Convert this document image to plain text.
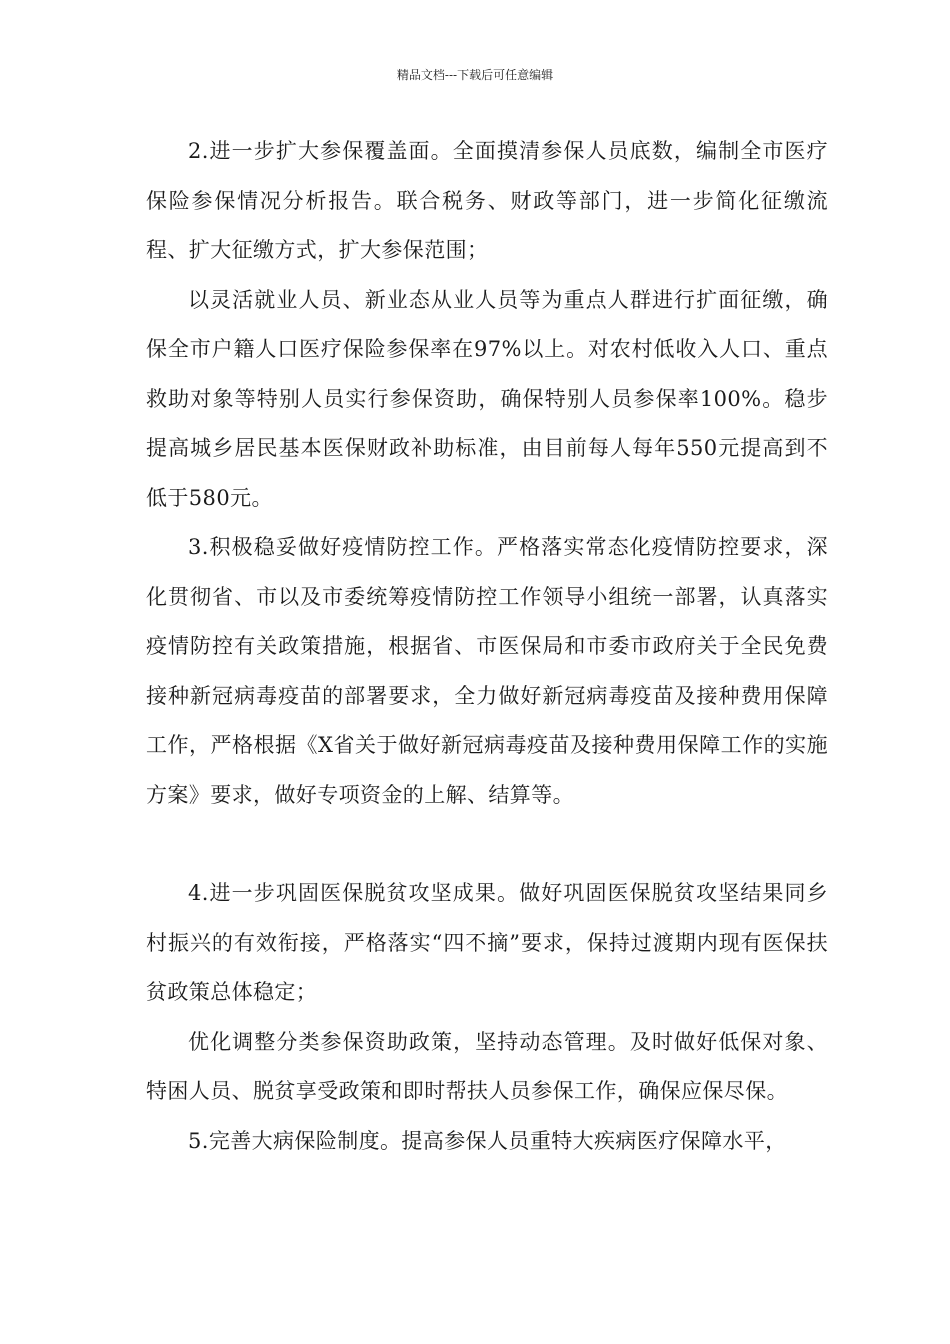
精品文档---下载后可任意编辑

2.进一步扩大参保覆盖面。全面摸清参保人员底数，编制全市医疗保险参保情况分析报告。联合税务、财政等部门，进一步简化征缴流程、扩大征缴方式，扩大参保范围；

以灵活就业人员、新业态从业人员等为重点人群进行扩面征缴，确保全市户籍人口医疗保险参保率在97%以上。对农村低收入人口、重点救助对象等特别人员实行参保资助，确保特别人员参保率100%。稳步提高城乡居民基本医保财政补助标准，由目前每人每年550元提高到不低于580元。

3.积极稳妥做好疫情防控工作。严格落实常态化疫情防控要求，深化贯彻省、市以及市委统筹疫情防控工作领导小组统一部署，认真落实疫情防控有关政策措施，根据省、市医保局和市委市政府关于全民免费接种新冠病毒疫苗的部署要求，全力做好新冠病毒疫苗及接种费用保障工作，严格根据《X省关于做好新冠病毒疫苗及接种费用保障工作的实施方案》要求，做好专项资金的上解、结算等。

4.进一步巩固医保脱贫攻坚成果。做好巩固医保脱贫攻坚结果同乡村振兴的有效衔接，严格落实“四不摘”要求，保持过渡期内现有医保扶贫政策总体稳定；

优化调整分类参保资助政策，坚持动态管理。及时做好低保对象、特困人员、脱贫享受政策和即时帮扶人员参保工作，确保应保尽保。

5.完善大病保险制度。提高参保人员重特大疾病医疗保障水平，
